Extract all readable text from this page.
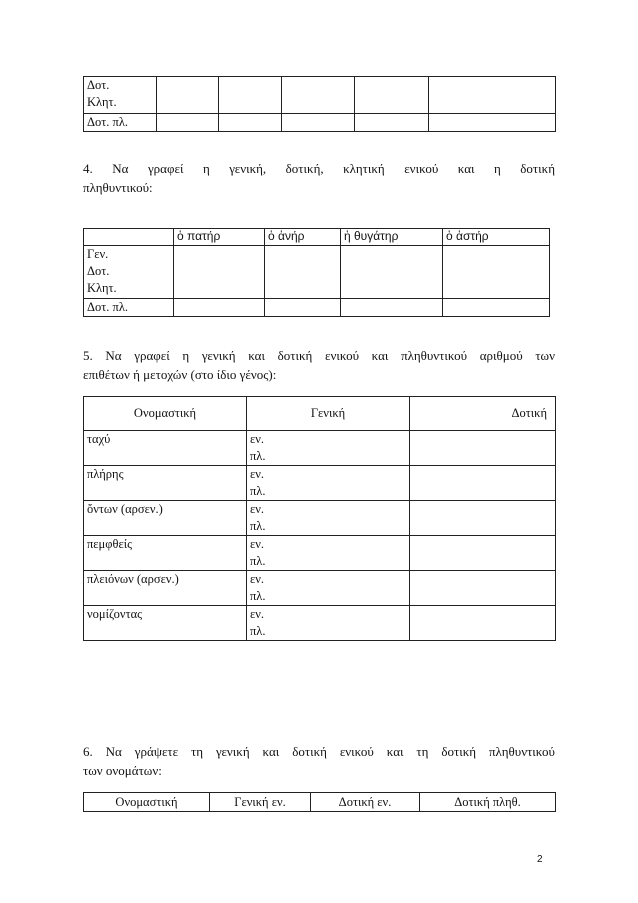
Δοτ.
Κλητ.					

Δοτ. πλ.					

4. Να γραφεί η γενική, δοτική, κλητική ενικού και η δοτική
πληθυντικού:

	ὁ πατήρ	ὁ ἀνήρ	ἡ θυγάτηρ	ὁ ἀστήρ

Γεν.
Δοτ.
Κλητ.				

Δοτ. πλ.				

5. Να γραφεί η γενική και δοτική ενικού και πληθυντικού αριθμού των
επιθέτων ή μετοχών (στο ίδιο γένος):

Ονομαστική	Γενική	Δοτική
ταχύ	εν.
πλ.	

πλήρης	εν.
πλ.	

ὄντων (αρσεν.)	εν.
πλ.	

πεμφθείς	εν.
πλ.	

πλειόνων (αρσεν.)	εν.
πλ.	

νομίζοντας	εν.
πλ.	

6. Να γράψετε τη γενική και δοτική ενικού και τη δοτική πληθυντικού
των ονομάτων:

Ονομαστική	Γενική εν.	Δοτική εν.	Δοτική πληθ.
2
